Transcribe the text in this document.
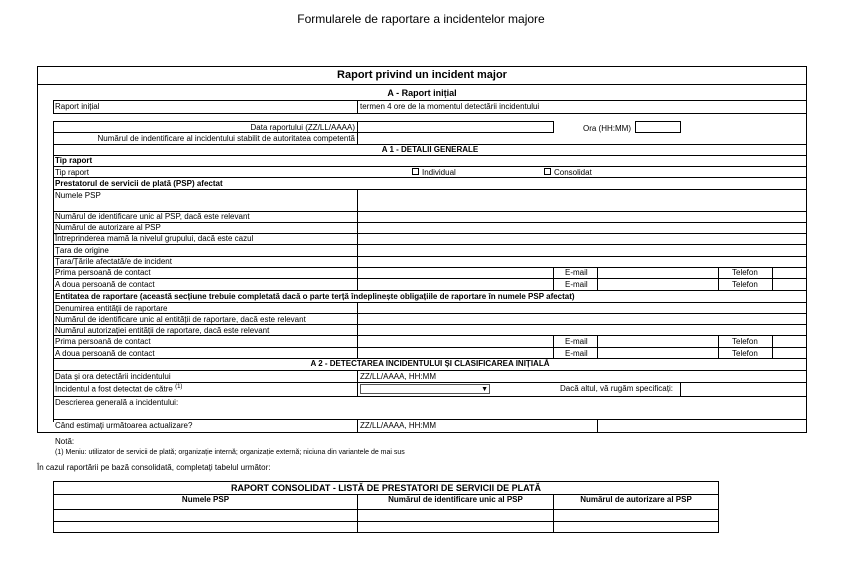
Formularele de raportare a incidentelor majore
Raport privind un incident major
A - Raport inițial
Raport inițial	termen 4 ore de la momentul detectării incidentului
Data raportului (ZZ/LL/AAAA)	Ora (HH:MM)
Numărul de indentificare al incidentului stabilit de autoritatea competentă
A 1 - DETALII GENERALE
Tip raport
Tip raport	Individual	Consolidat
Prestatorul de servicii de plată (PSP) afectat
Numele PSP
Numărul de identificare unic al PSP, dacă este relevant
Numărul de autorizare al PSP
Întreprinderea mamă la nivelul grupului, dacă este cazul
Țara de origine
Țara/Țările afectată/e de incident
Prima persoană de contact	E-mail	Telefon
A doua persoană de contact	E-mail	Telefon
Entitatea de raportare (această secțiune trebuie completată dacă o parte terță îndeplinește obligațiile de raportare în numele PSP afectat)
Denumirea entității de raportare
Numărul de identificare unic al entității de raportare, dacă este relevant
Numărul autorizației entității de raportare, dacă este relevant
Prima persoană de contact	E-mail	Telefon
A doua persoană de contact	E-mail	Telefon
A 2 - DETECTAREA INCIDENTULUI ȘI CLASIFICAREA INIȚIALĂ
Data și ora detectării incidentului	ZZ/LL/AAAA, HH:MM
Incidentul a fost detectat de către $^{(1)}$	▼	Dacă altul, vă rugăm specificați:
Descrierea generală a incidentului:
Când estimați următoarea actualizare?	ZZ/LL/AAAA, HH:MM
Notă:
(1) Meniu: utilizator de servicii de plată; organizație internă; organizație externă; niciuna din variantele de mai sus
În cazul raportării pe bază consolidată, completați tabelul următor:
RAPORT CONSOLIDAT - LISTĂ DE PRESTATORI DE SERVICII DE PLATĂ
Numele PSP	Numărul de identificare unic al PSP	Numărul de autorizare al PSP
